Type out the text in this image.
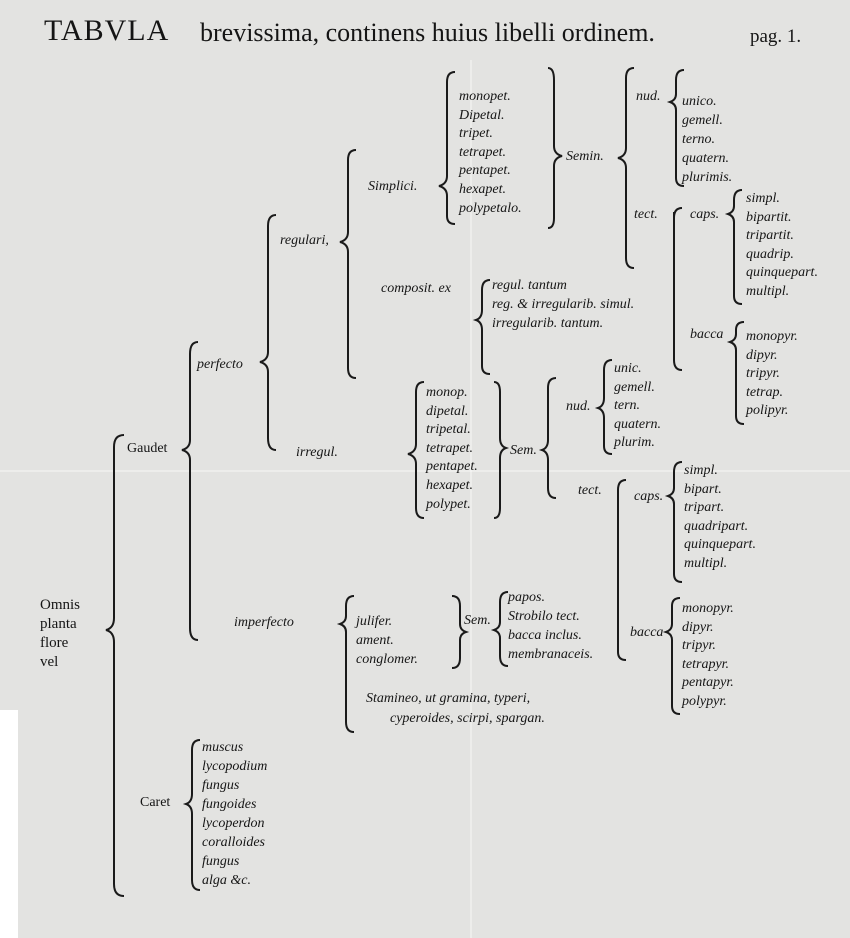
TABVLA brevissima, continens huius libelli ordinem.	pag. 1.
Omnis
planta
flore
vel
Gaudet
perfecto
regulari,
Simplici.
monopet.
Dipetal.
tripet.
tetrapet.
pentapet.
hexapet.
polypetalo.
Semin.
nud. unico.
gemell.
terno.
quatern.
plurimis.
tect. caps.
simpl.
bipartit.
tripartit.
quadrip.
quinquepart.
multipl.
bacca monopyr.
dipyr.
tripyr.
tetrap.
polipyr.
composit. ex	regul. tantum
reg. & irregularib. simul.
irregularib. tantum.
irregul.
monop.
dipetal.
tripetal.
tetrapet.
pentapet.
hexapet.
polypet.
Sem.
nud.
unic.
gemell.
tern.
quatern.
plurim.
tect. caps.
simpl.
bipart.
tripart.
quadripart.
quinquepart.
multipl.
bacca
monopyr.
dipyr.
tripyr.
tetrapyr.
pentapyr.
polypyr.
imperfecto	julifer.
ament.
conglomer.
Sem.
papos.
Strobilo tect.
bacca inclus.
membranaceis.
Stamineo, ut gramina, typeri,
cyperoides, scirpi, spargan.
Caret
muscus
lycopodium
fungus
fungoides
lycoperdon
coralloides
fungus
alga &c.
